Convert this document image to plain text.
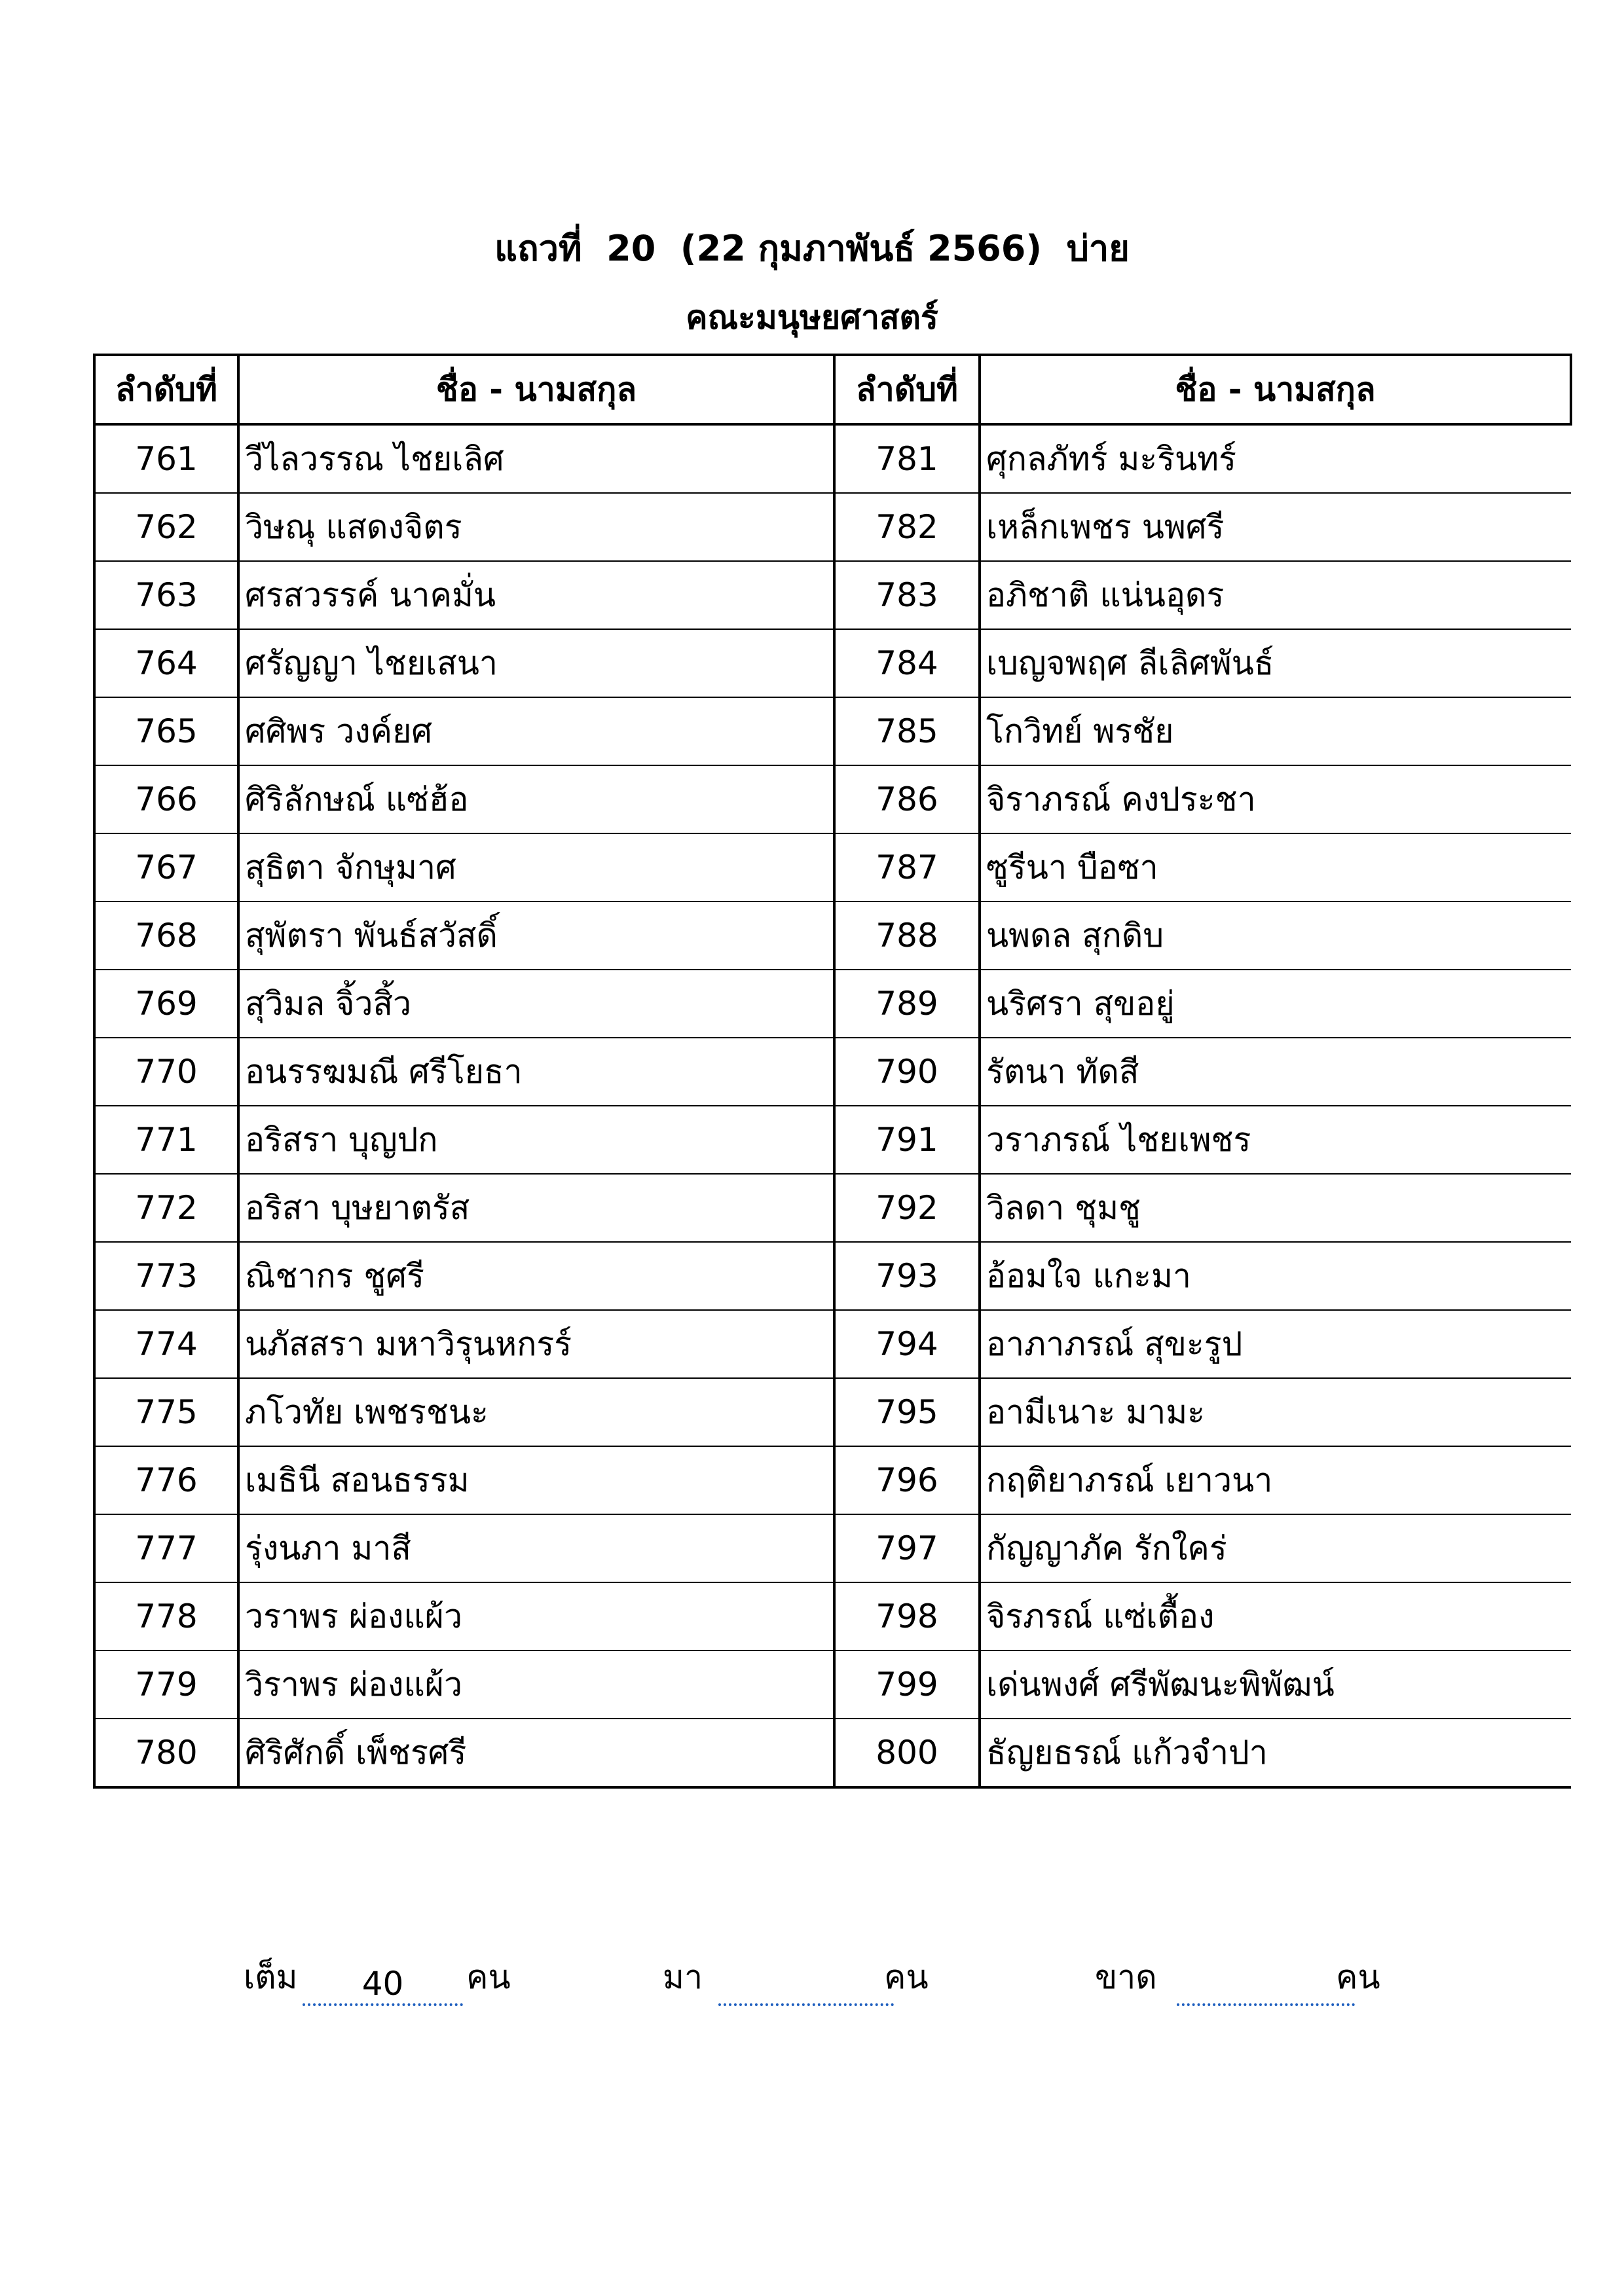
แถวที่  20  (22 กุมภาพันธ์ 2566)  บ่าย
คณะมนุษยศาสตร์
ลำดับที่	ชื่อ - นามสกุล	ลำดับที่	ชื่อ - นามสกุล
761	วีไลวรรณ ไชยเลิศ	781	ศุกลภัทร์ มะรินทร์
762	วิษณุ แสดงจิตร	782	เหล็กเพชร นพศรี
763	ศรสวรรค์ นาคมั่น	783	อภิชาติ แน่นอุดร
764	ศรัญญา ไชยเสนา	784	เบญจพฤศ ลีเลิศพันธ์
765	ศศิพร วงค์ยศ	785	โกวิทย์ พรชัย
766	ศิริลักษณ์ แซ่ฮ้อ	786	จิราภรณ์ คงประชา
767	สุธิตา จักษุมาศ	787	ซูรีนา บือซา
768	สุพัตรา พันธ์สวัสดิ์	788	นพดล สุกดิบ
769	สุวิมล จิ้วสิ้ว	789	นริศรา สุขอยู่
770	อนรรฆมณี ศรีโยธา	790	รัตนา ทัดสี
771	อริสรา บุญปก	791	วราภรณ์ ไชยเพชร
772	อริสา บุษยาตรัส	792	วิลดา ชุมชู
773	ณิชากร ชูศรี	793	อ้อมใจ แกะมา
774	นภัสสรา มหาวิรุนหกรร์	794	อาภาภรณ์ สุขะรูป
775	ภโวทัย เพชรชนะ	795	อามีเนาะ มามะ
776	เมธินี สอนธรรม	796	กฤติยาภรณ์ เยาวนา
777	รุ่งนภา มาสี	797	กัญญาภัค รักใคร่
778	วราพร ผ่องแผ้ว	798	จิรภรณ์ แซ่เตื้อง
779	วิราพร ผ่องแผ้ว	799	เด่นพงศ์ ศรีพัฒนะพิพัฒน์
780	ศิริศักดิ์ เพ็ชรศรี	800	ธัญยธรณ์ แก้วจำปา
เต็ม	40	คน	มา	คน	ขาด	คน
